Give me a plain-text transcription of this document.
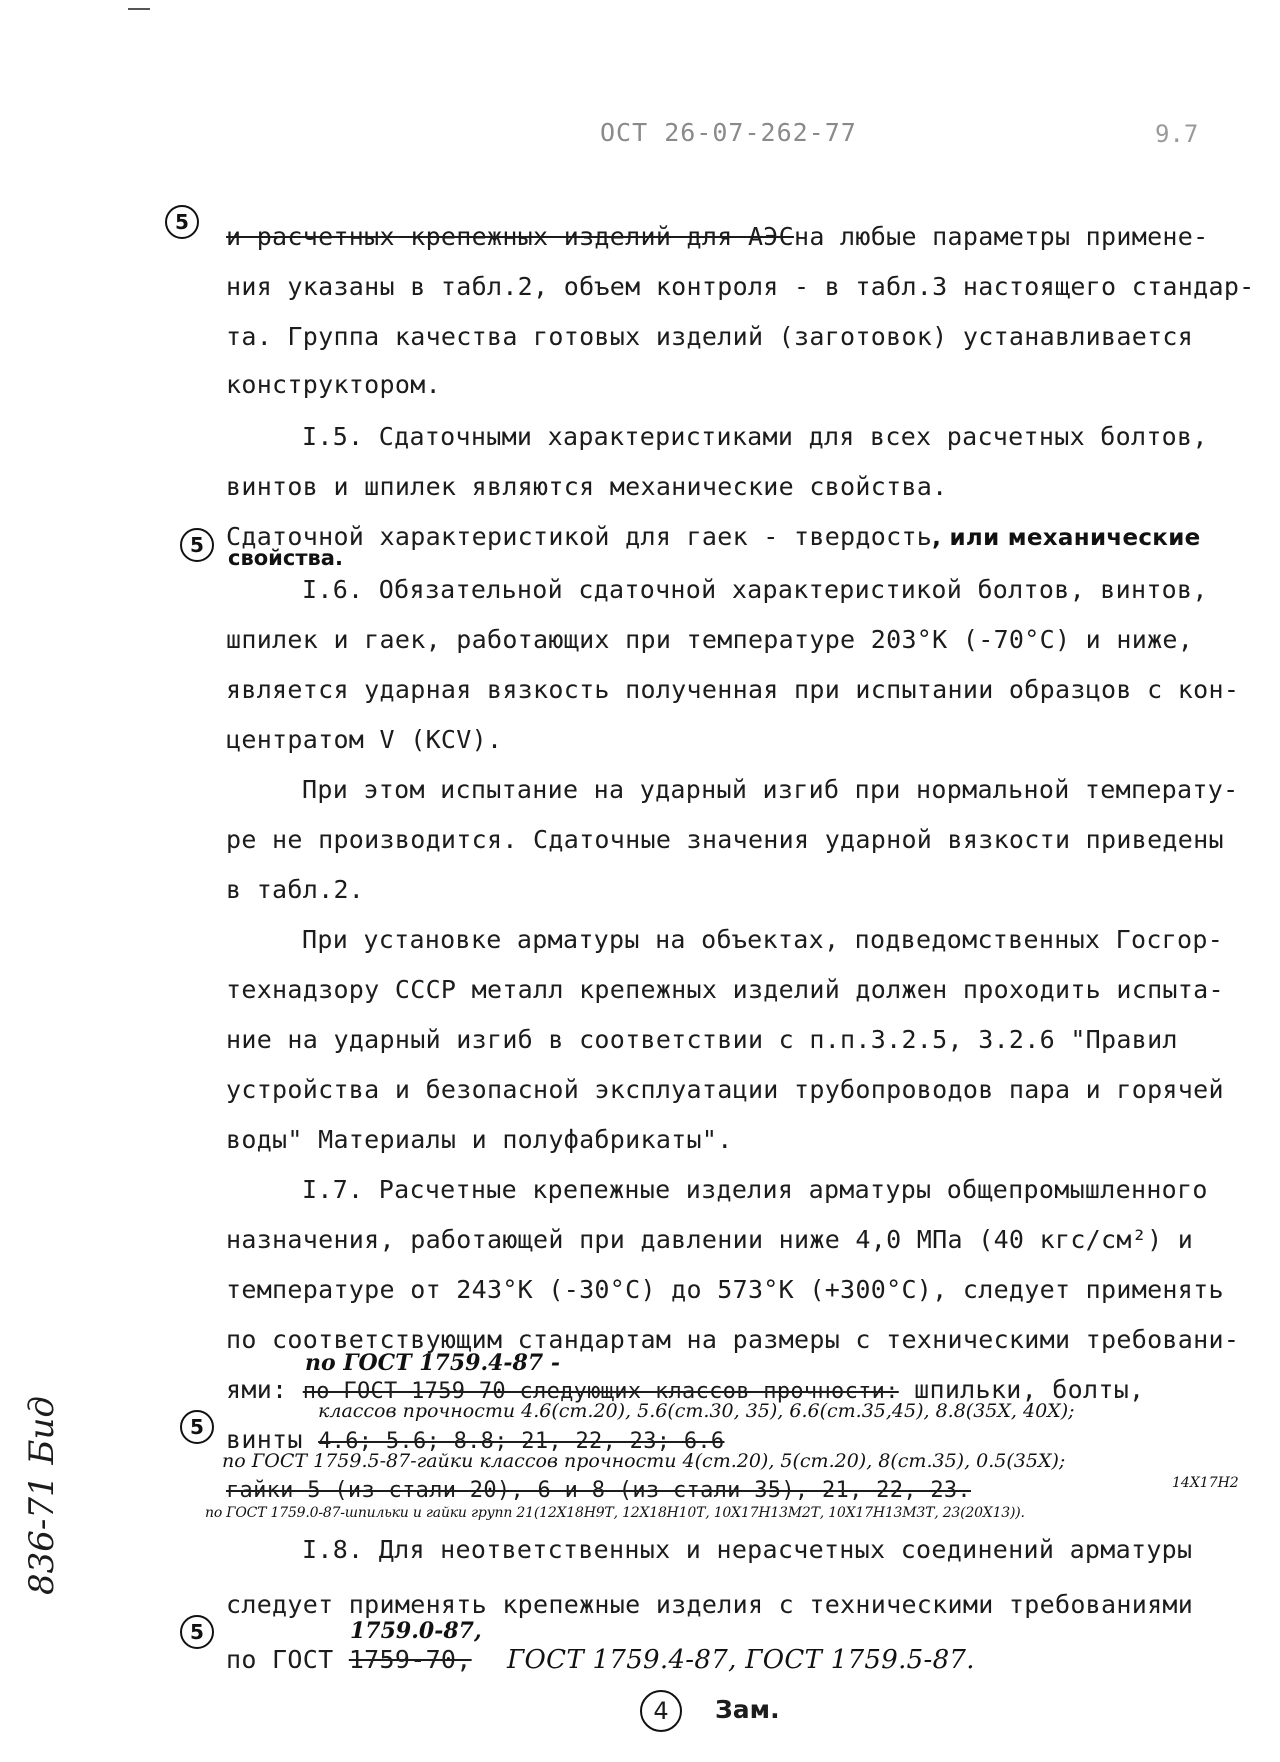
ОСТ 26-07-262-77	9.7
5
5
5
5
и расчетных крепежных изделий для АЭСна любые параметры примене-
ния указаны в табл.2, объем контроля - в табл.3 настоящего стандар-
та. Группа качества готовых изделий (заготовок) устанавливается
конструктором.
I.5. Сдаточными характеристиками для всех расчетных болтов,
винтов и шпилек являются механические свойства.
Сдаточной характеристикой для гаек - твердость, или механические
свойства.
I.6. Обязательной сдаточной характеристикой болтов, винтов,
шпилек и гаек, работающих при температуре 203°К (-70°С) и ниже,
является ударная вязкость полученная при испытании образцов с кон-
центратом V (КСV).
При этом испытание на ударный изгиб при нормальной температу-
ре не производится. Сдаточные значения ударной вязкости приведены
в табл.2.
При установке арматуры на объектах, подведомственных Госгор-
технадзору СССР металл крепежных изделий должен проходить испыта-
ние на ударный изгиб в соответствии с п.п.3.2.5, 3.2.6 "Правил
устройства и безопасной эксплуатации трубопроводов пара и горячей
воды" Материалы и полуфабрикаты".
I.7. Расчетные крепежные изделия арматуры общепромышленного
назначения, работающей при давлении ниже 4,0 МПа (40 кгс/см²) и
температуре от 243°К (-30°С) до 573°К (+300°С), следует применять
по соответствующим стандартам на размеры с техническими требовани-
по ГОСТ 1759.4-87 -
ями: по ГОСТ 1759-70 следующих классов прочности: шпильки, болты,
классов прочности 4.6(ст.20), 5.6(ст.30, 35), 6.6(ст.35,45), 8.8(35Х, 40Х);
винты 4.6; 5.6; 8.8; 21, 22, 23; 6.6
по ГОСТ 1759.5-87-гайки классов прочности 4(ст.20), 5(ст.20), 8(ст.35), 0.5(35Х);
гайки 5 (из стали 20), 6 и 8 (из стали 35), 21, 22, 23.	14Х17Н2
по ГОСТ 1759.0-87-шпильки и гайки групп 21(12Х18Н9Т, 12Х18Н10Т, 10Х17Н13М2Т, 10Х17Н13М3Т, 23(20Х13)).
I.8. Для неответственных и нерасчетных соединений арматуры
следует применять крепежные изделия с техническими требованиями
1759.0-87,
по ГОСТ 1759-70, ГОСТ 1759.4-87, ГОСТ 1759.5-87.
4	Зам.
836-71 Бид
